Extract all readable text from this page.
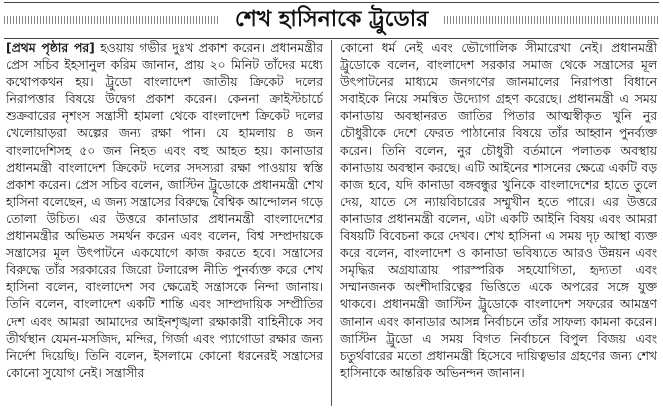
শেখ হাসিনাকে ট্রুডোর
[প্রথম পৃষ্ঠার পর] হওয়ায় গভীর দুঃখ প্রকাশ করেন। প্রধানমন্ত্রীর প্রেস সচিব ইহসানুল করিম জানান, প্রায় ২০ মিনিট তাঁদের মধ্যে কথোপকথন হয়। ট্রুডো বাংলাদেশ জাতীয় ক্রিকেট দলের নিরাপত্তার বিষয়ে উদ্বেগ প্রকাশ করেন। কেননা ক্রাইস্টচার্চে শুক্রবারের নৃশংস সন্ত্রাসী হামলা থেকে বাংলাদেশ ক্রিকেট দলের খেলোয়াড়রা অল্পের জন্য রক্ষা পান। যে হামলায় ৪ জন বাংলাদেশিসহ ৫০ জন নিহত এবং বহু আহত হয়। কানাডার প্রধানমন্ত্রী বাংলাদেশ ক্রিকেট দলের সদস্যরা রক্ষা পাওয়ায় স্বস্তি প্রকাশ করেন। প্রেস সচিব বলেন, জাস্টিন ট্রুডোকে প্রধানমন্ত্রী শেখ হাসিনা বলেছেন, এ জন্য সন্ত্রাসের বিরুদ্ধে বৈশ্বিক আন্দোলন গড়ে তোলা উচিত। এর উত্তরে কানাডার প্রধানমন্ত্রী বাংলাদেশের প্রধানমন্ত্রীর অভিমত সমর্থন করেন এবং বলেন, বিশ্ব সম্প্রদায়কে সন্ত্রাসের মূল উৎপাটনে একযোগে কাজ করতে হবে। সন্ত্রাসের বিরুদ্ধে তাঁর সরকারের জিরো টলারেন্স নীতি পুনর্ব্যক্ত করে শেখ হাসিনা বলেন, বাংলাদেশ সব ক্ষেত্রেই সন্ত্রাসকে নিন্দা জানায়। তিনি বলেন, বাংলাদেশ একটি শান্তি এবং সাম্প্রদায়িক সম্প্রীতির দেশ এবং আমরা আমাদের আইনশৃঙ্খলা রক্ষাকারী বাহিনীকে সব তীর্থস্থান যেমন-মসজিদ, মন্দির, গির্জা এবং প্যাগোডা রক্ষার জন্য নির্দেশ দিয়েছি। তিনি বলেন, ইসলামে কোনো ধরনেরই সন্ত্রাসের কোনো সুযোগ নেই। সন্ত্রাসীর
কোনো ধর্ম নেই এবং ভৌগোলিক সীমারেখা নেই। প্রধানমন্ত্রী ট্রুডোকে বলেন, বাংলাদেশ সরকার সমাজ থেকে সন্ত্রাসের মূল উৎপাটনের মাধ্যমে জনগণের জানমালের নিরাপত্তা বিধানে সবাইকে নিয়ে সমন্বিত উদ্যোগ গ্রহণ করেছে। প্রধানমন্ত্রী এ সময় কানাডায় অবস্থানরত জাতির পিতার আত্মস্বীকৃত খুনি নুর চৌধুরীকে দেশে ফেরত পাঠানোর বিষয়ে তাঁর আহ্বান পুনর্ব্যক্ত করেন। তিনি বলেন, নুর চৌধুরী বর্তমানে পলাতক অবস্থায় কানাডায় অবস্থান করছে। এটি আইনের শাসনের ক্ষেত্রে একটি বড় কাজ হবে, যদি কানাডা বঙ্গবন্ধুর খুনিকে বাংলাদেশের হাতে তুলে দেয়, যাতে সে ন্যায়বিচারের সম্মুখীন হতে পারে। এর উত্তরে কানাডার প্রধানমন্ত্রী বলেন, এটা একটি আইনি বিষয় এবং আমরা বিষয়টি বিবেচনা করে দেখব। শেখ হাসিনা এ সময় দৃঢ় আস্থা ব্যক্ত করে বলেন, বাংলাদেশ ও কানাডা ভবিষ্যতে আরও উন্নয়ন এবং সমৃদ্ধির অগ্রযাত্রায় পারস্পরিক সহযোগিতা, হৃদ্যতা এবং সম্মানজনক অংশীদারিত্বের ভিত্তিতে একে অপরের সঙ্গে যুক্ত থাকবে। প্রধানমন্ত্রী জাস্টিন ট্রুডোকে বাংলাদেশ সফরের আমন্ত্রণ জানান এবং কানাডার আসন্ন নির্বাচনে তাঁর সাফল্য কামনা করেন। জাস্টিন ট্রুডো এ সময় বিগত নির্বাচনে বিপুল বিজয় এবং চতুর্থবারের মতো প্রধানমন্ত্রী হিসেবে দায়িত্বভার গ্রহণের জন্য শেখ হাসিনাকে আন্তরিক অভিনন্দন জানান।
